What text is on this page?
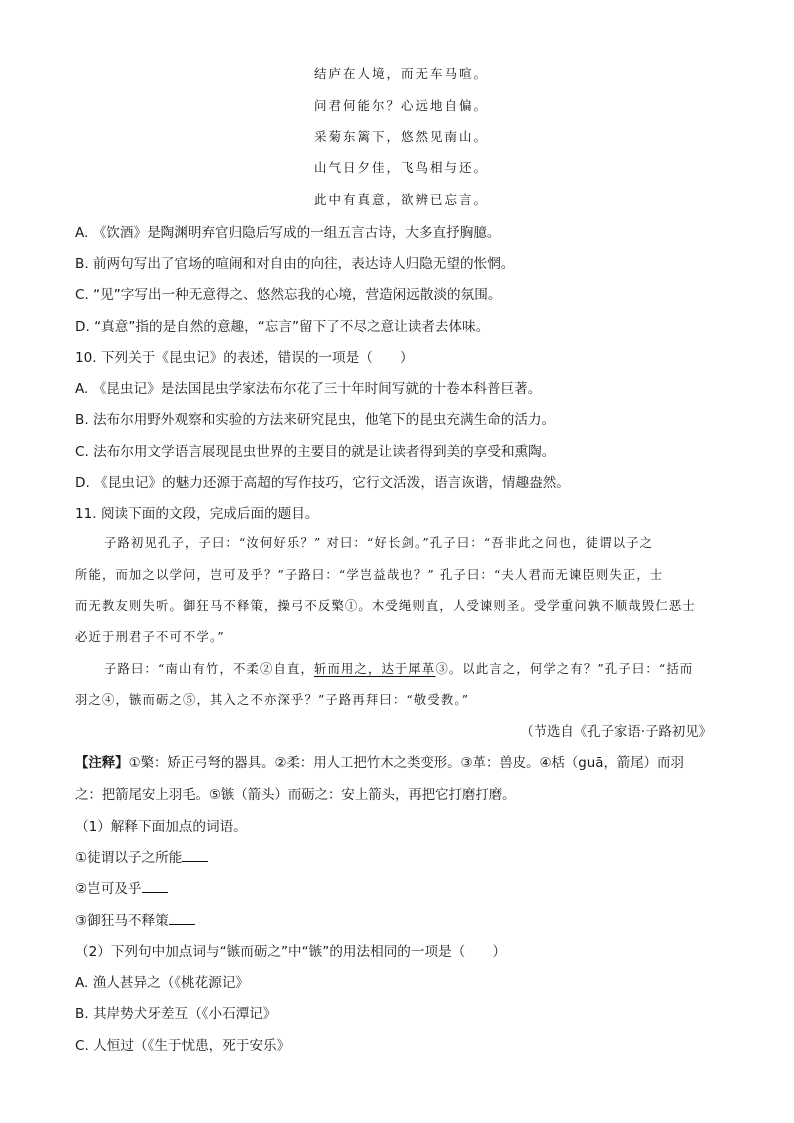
结庐在人境，而无车马喧。
问君何能尔？心远地自偏。
采菊东篱下，悠然见南山。
山气日夕佳，飞鸟相与还。
此中有真意，欲辨已忘言。
A. 《饮酒》是陶渊明弃官归隐后写成的一组五言古诗，大多直抒胸臆。
B. 前两句写出了官场的喧闹和对自由的向往，表达诗人归隐无望的怅惘。
C. “见”字写出一种无意得之、悠然忘我的心境，营造闲远散淡的氛围。
D. “真意”指的是自然的意趣，“忘言”留下了不尽之意让读者去体味。
10. 下列关于《昆虫记》的表述，错误的一项是（　　）
A. 《昆虫记》是法国昆虫学家法布尔花了三十年时间写就的十卷本科普巨著。
B. 法布尔用野外观察和实验的方法来研究昆虫，他笔下的昆虫充满生命的活力。
C. 法布尔用文学语言展现昆虫世界的主要目的就是让读者得到美的享受和熏陶。
D. 《昆虫记》的魅力还源于高超的写作技巧，它行文活泼，语言诙谐，情趣盎然。
11. 阅读下面的文段，完成后面的题目。
子路初见孔子，子曰：“汝何好乐？” 对曰：“好长剑。”孔子曰：“吾非此之问也，徒谓以子之
所能，而加之以学问，岂可及乎？”子路曰：“学岂益哉也？” 孔子曰：“夫人君而无谏臣则失正，士
而无教友则失听。御狂马不释策，操弓不反檠①。木受绳则直，人受谏则圣。受学重问孰不顺哉毁仁恶士
必近于刑君子不可不学。”
子路曰：“南山有竹，不柔②自直，斩而用之，达于犀革③。以此言之，何学之有？”孔子曰：“括而
羽之④，镞而砺之⑤，其入之不亦深乎？”子路再拜曰：“敬受教。”
（节选自《孔子家语·子路初见》
【注释】①檠：矫正弓弩的器具。②柔：用人工把竹木之类变形。③革：兽皮。④栝（guā，箭尾）而羽
之：把箭尾安上羽毛。⑤镞（箭头）而砺之：安上箭头，再把它打磨打磨。
（1）解释下面加点的词语。
①徒谓以子之所能
②岂可及乎
③御狂马不释策
（2）下列句中加点词与“镞而砺之”中“镞”的用法相同的一项是（　　）
A. 渔人甚异之（《桃花源记》
B. 其岸势犬牙差互（《小石潭记》
C. 人恒过（《生于忧患，死于安乐》
